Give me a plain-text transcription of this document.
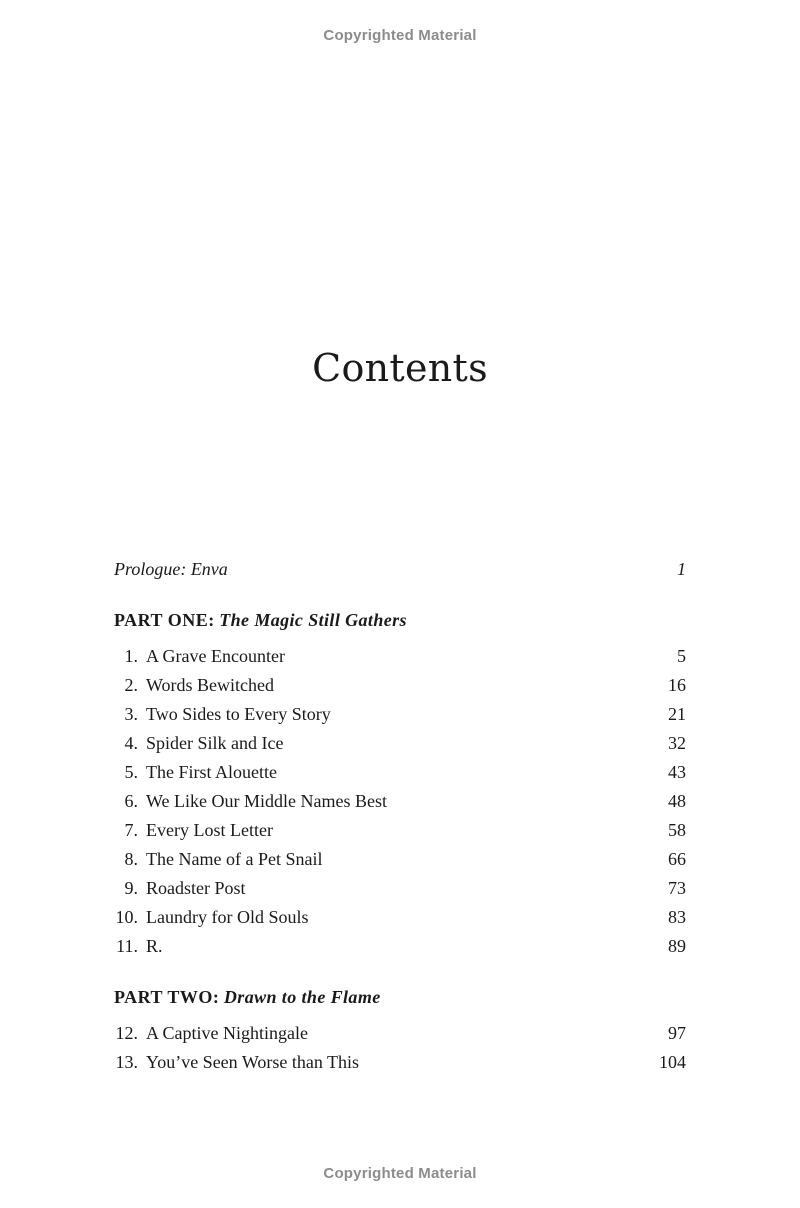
Copyrighted Material
Contents
Prologue: Enva	1
PART ONE: The Magic Still Gathers
1. A Grave Encounter	5
2. Words Bewitched	16
3. Two Sides to Every Story	21
4. Spider Silk and Ice	32
5. The First Alouette	43
6. We Like Our Middle Names Best	48
7. Every Lost Letter	58
8. The Name of a Pet Snail	66
9. Roadster Post	73
10. Laundry for Old Souls	83
11. R.	89
PART TWO: Drawn to the Flame
12. A Captive Nightingale	97
13. You’ve Seen Worse than This	104
Copyrighted Material
